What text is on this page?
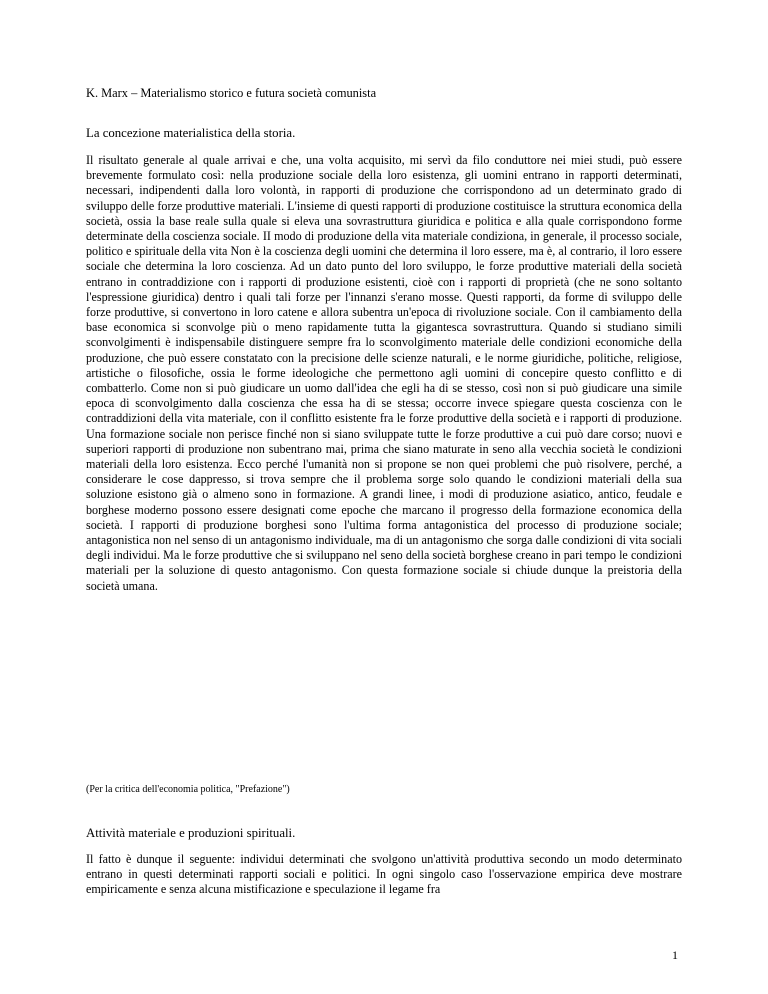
K. Marx – Materialismo storico e futura società comunista
La concezione materialistica della storia.

Il risultato generale al quale arrivai e che, una volta acquisito, mi servì da filo conduttore nei miei studi, può essere brevemente formulato così: nella produzione sociale della loro esistenza, gli uomini entrano in rapporti determinati, necessari, indipendenti dalla loro volontà, in rapporti di produzione che corrispondono ad un determinato grado di sviluppo delle forze produttive materiali. L'insieme di questi rapporti di produzione costituisce la struttura economica della società, ossia la base reale sulla quale si eleva una sovrastruttura giuridica e politica e alla quale corrispondono forme determinate della coscienza sociale. II modo di produzione della vita materiale condiziona, in generale, il processo sociale, politico e spirituale della vita Non è la coscienza degli uomini che determina il loro essere, ma è, al contrario, il loro essere sociale che determina la loro coscienza. Ad un dato punto del loro sviluppo, le forze produttive materiali della società entrano in contraddizione con i rapporti di produzione esistenti, cioè con i rapporti di proprietà (che ne sono soltanto l'espressione giuridica) dentro i quali tali forze per l'innanzi s'erano mosse. Questi rapporti, da forme di sviluppo delle forze produttive, si convertono in loro catene e allora subentra un'epoca di rivoluzione sociale. Con il cambiamento della base economica si sconvolge più o meno rapidamente tutta la gigantesca sovrastruttura. Quando si studiano simili sconvolgimenti è indispensabile distinguere sempre fra lo sconvolgimento materiale delle condizioni economiche della produzione, che può essere constatato con la precisione delle scienze naturali, e le norme giuridiche, politiche, religiose, artistiche o filosofiche, ossia le forme ideologiche che permettono agli uomini di concepire questo conflitto e di combatterlo. Come non si può giudicare un uomo dall'idea che egli ha di se stesso, così non si può giudicare una simile epoca di sconvolgimento dalla coscienza che essa ha di se stessa; occorre invece spiegare questa coscienza con le contraddizioni della vita materiale, con il conflitto esistente fra le forze produttive della società e i rapporti di produzione. Una formazione sociale non perisce finché non si siano sviluppate tutte le forze produttive a cui può dare corso; nuovi e superiori rapporti di produzione non subentrano mai, prima che siano maturate in seno alla vecchia società le condizioni materiali della loro esistenza. Ecco perché l'umanità non si propone se non quei problemi che può risolvere, perché, a considerare le cose dappresso, si trova sempre che il problema sorge solo quando le condizioni materiali della sua soluzione esistono già o almeno sono in formazione. A grandi linee, i modi di produzione asiatico, antico, feudale e borghese moderno possono essere designati come epoche che marcano il progresso della formazione economica della società. I rapporti di produzione borghesi sono l'ultima forma antagonistica del processo di produzione sociale; antagonistica non nel senso di un antagonismo individuale, ma di un antagonismo che sorga dalle condizioni di vita sociali degli individui. Ma le forze produttive che si sviluppano nel seno della società borghese creano in pari tempo le condizioni materiali per la soluzione di questo antagonismo. Con questa formazione sociale si chiude dunque la preistoria della società umana.

(Per la critica dell'economia politica, "Prefazione")
Attività materiale e produzioni spirituali.

Il fatto è dunque il seguente: individui determinati che svolgono un'attività produttiva secondo un modo determinato entrano in questi determinati rapporti sociali e politici. In ogni singolo caso l'osservazione empirica deve mostrare empiricamente e senza alcuna mistificazione e speculazione il legame fra

1
